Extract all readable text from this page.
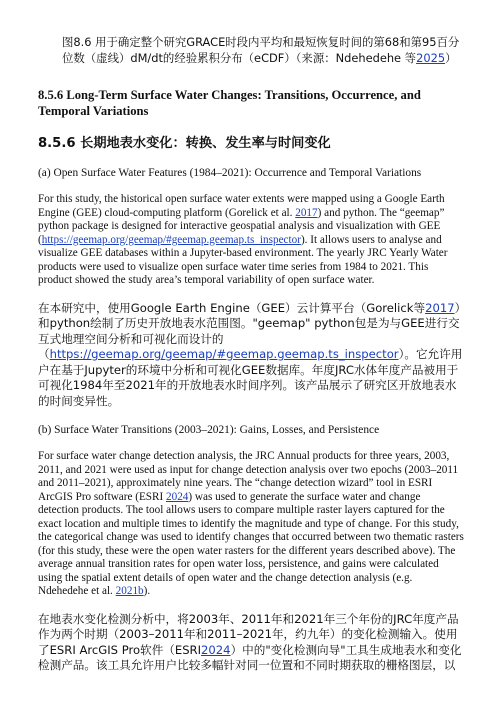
图8.6 用于确定整个研究GRACE时段内平均和最短恢复时间的第68和第95百分位数（虚线）dM/dt的经验累积分布（eCDF）（来源：Ndehedehe 等2025）

8.5.6 Long-Term Surface Water Changes: Transitions, Occurrence, and Temporal Variations
8.5.6 长期地表水变化：转换、发生率与时间变化

(a) Open Surface Water Features (1984–2021): Occurrence and Temporal Variations

For this study, the historical open surface water extents were mapped using a Google Earth Engine (GEE) cloud-computing platform (Gorelick et al. 2017) and python. The “geemap” python package is designed for interactive geospatial analysis and visualization with GEE (https://geemap.org/geemap/#geemap.geemap.ts_inspector). It allows users to analyse and visualize GEE databases within a Jupyter-based environment. The yearly JRC Yearly Water products were used to visualize open surface water time series from 1984 to 2021. This product showed the study area’s temporal variability of open surface water.

在本研究中，使用Google Earth Engine（GEE）云计算平台（Gorelick等2017）和python绘制了历史开放地表水范围图。"geemap" python包是为与GEE进行交互式地理空间分析和可视化而设计的（https://geemap.org/geemap/#geemap.geemap.ts_inspector）。它允许用户在基于Jupyter的环境中分析和可视化GEE数据库。年度JRC水体年度产品被用于可视化1984年至2021年的开放地表水时间序列。该产品展示了研究区开放地表水的时间变异性。

(b) Surface Water Transitions (2003–2021): Gains, Losses, and Persistence

For surface water change detection analysis, the JRC Annual products for three years, 2003, 2011, and 2021 were used as input for change detection analysis over two epochs (2003–2011 and 2011–2021), approximately nine years. The “change detection wizard” tool in ESRI ArcGIS Pro software (ESRI 2024) was used to generate the surface water and change detection products. The tool allows users to compare multiple raster layers captured for the exact location and multiple times to identify the magnitude and type of change. For this study, the categorical change was used to identify changes that occurred between two thematic rasters (for this study, these were the open water rasters for the different years described above). The average annual transition rates for open water loss, persistence, and gains were calculated using the spatial extent details of open water and the change detection analysis (e.g. Ndehedehe et al. 2021b).

在地表水变化检测分析中，将2003年、2011年和2021年三个年份的JRC年度产品作为两个时期（2003–2011年和2011–2021年，约九年）的变化检测输入。使用了ESRI ArcGIS Pro软件（ESRI2024）中的"变化检测向导"工具生成地表水和变化检测产品。该工具允许用户比较多幅针对同一位置和不同时期获取的栅格图层，以
